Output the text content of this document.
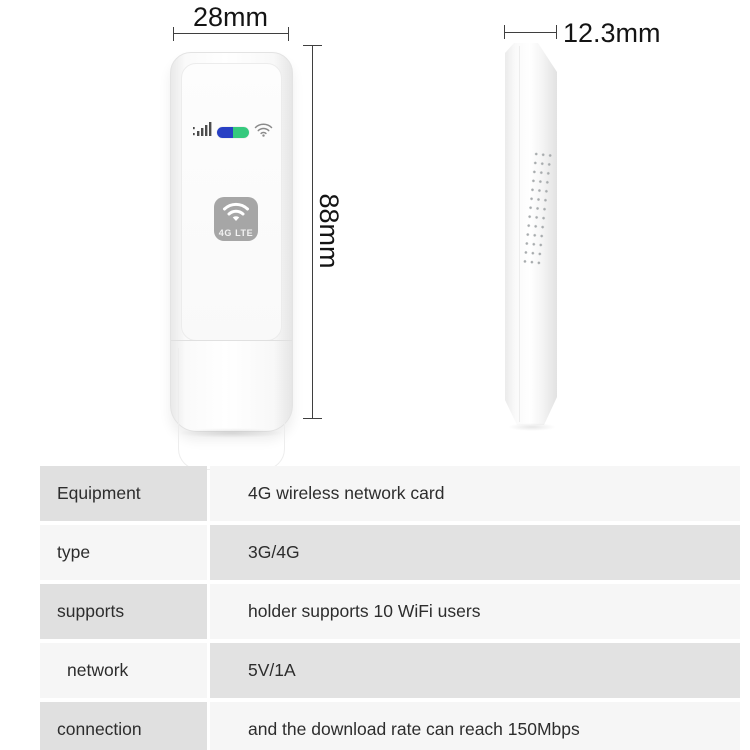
28mm
88mm
12.3mm
4G LTE
Equipment	4G wireless network card
type	3G/4G
supports	holder supports 10 WiFi users
network	5V/1A
connection	and the download rate can reach 150Mbps
